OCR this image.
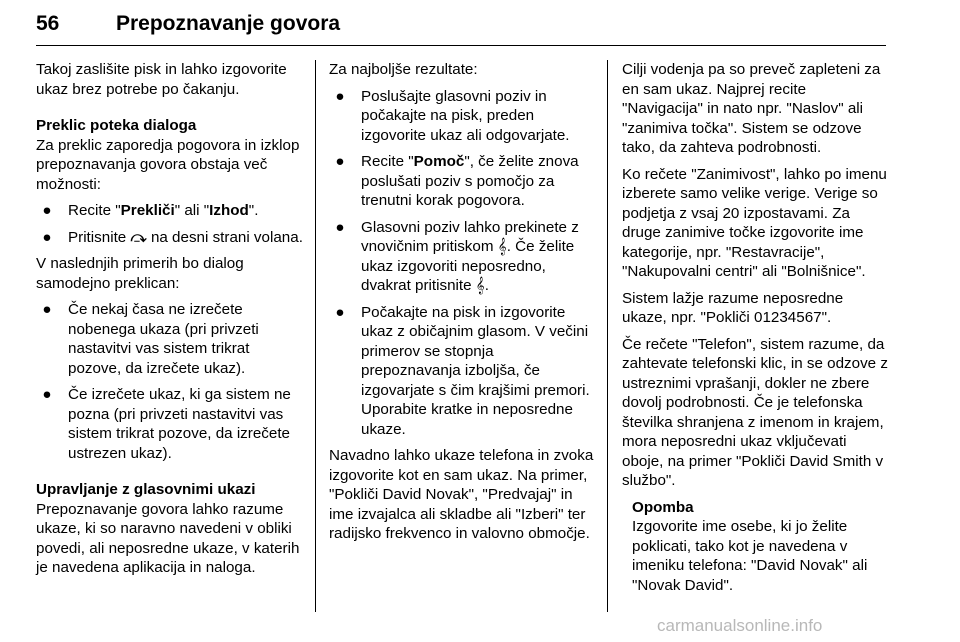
56	Prepoznavanje govora

Takoj zaslišite pisk in lahko izgovorite ukaz brez potrebe po čakanju.

Preklic poteka dialoga

Za preklic zaporedja pogovora in izklop prepoznavanja govora obstaja več možnosti:

●	Recite "Prekliči" ali "Izhod".
●	Pritisnite ⤼ na desni strani volana.

V naslednjih primerih bo dialog samodejno preklican:

●	Če nekaj časa ne izrečete nobenega ukaza (pri privzeti nastavitvi vas sistem trikrat pozove, da izrečete ukaz).
●	Če izrečete ukaz, ki ga sistem ne pozna (pri privzeti nastavitvi vas sistem trikrat pozove, da izrečete ustrezen ukaz).
Upravljanje z glasovnimi ukazi

Prepoznavanje govora lahko razume ukaze, ki so naravno navedeni v obliki povedi, ali neposredne ukaze, v katerih je navedena aplikacija in naloga.

Za najboljše rezultate:

●	Poslušajte glasovni poziv in počakajte na pisk, preden izgovorite ukaz ali odgovarjate.
●	Recite "Pomoč", če želite znova poslušati poziv s pomočjo za trenutni korak pogovora.
●	Glasovni poziv lahko prekinete z vnovičnim pritiskom 𝄞. Če želite ukaz izgovoriti neposredno, dvakrat pritisnite 𝄞.
●	Počakajte na pisk in izgovorite ukaz z običajnim glasom. V večini primerov se stopnja prepoznavanja izboljša, če izgovarjate s čim krajšimi premori. Uporabite kratke in neposredne ukaze.

Navadno lahko ukaze telefona in zvoka izgovorite kot en sam ukaz. Na primer, "Pokliči David Novak", "Predvajaj" in ime izvajalca ali skladbe ali "Izberi" ter radijsko frekvenco in valovno območje.

Cilji vodenja pa so preveč zapleteni za en sam ukaz. Najprej recite "Navigacija" in nato npr. "Naslov" ali "zanimiva točka". Sistem se odzove tako, da zahteva podrobnosti.

Ko rečete "Zanimivost", lahko po imenu izberete samo velike verige. Verige so podjetja z vsaj 20 izpostavami. Za druge zanimive točke izgovorite ime kategorije, npr. "Restavracije", "Nakupovalni centri" ali "Bolnišnice".

Sistem lažje razume neposredne ukaze, npr. "Pokliči 01234567".

Če rečete "Telefon", sistem razume, da zahtevate telefonski klic, in se odzove z ustreznimi vprašanji, dokler ne zbere dovolj podrobnosti. Če je telefonska številka shranjena z imenom in krajem, mora neposredni ukaz vključevati oboje, na primer "Pokliči David Smith v službo".

Opomba
Izgovorite ime osebe, ki jo želite poklicati, tako kot je navedena v imeniku telefona: "David Novak" ali "Novak David".
carmanualsonline.info
